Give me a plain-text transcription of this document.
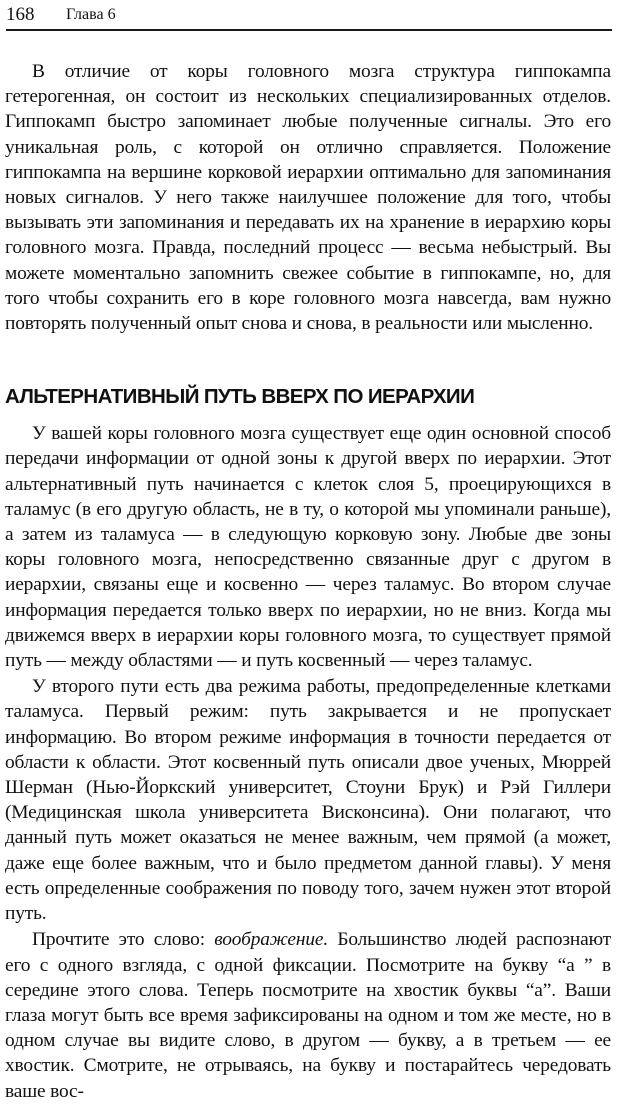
168 Глава 6

В отличие от коры головного мозга структура гиппокампа гетерогенная, он состоит из нескольких специализированных отделов. Гиппокамп быстро запоминает любые полученные сигналы. Это его уникальная роль, с которой он отлично справляется. Положение гиппокампа на вершине корковой иерархии оптимально для запоминания новых сигналов. У него также наилучшее положение для того, чтобы вызывать эти запоминания и передавать их на хранение в иерархию коры головного мозга. Правда, последний процесс — весьма небыстрый. Вы можете моментально запомнить свежее событие в гиппокампе, но, для того чтобы сохранить его в коре головного мозга навсегда, вам нужно повторять полученный опыт снова и снова, в реальности или мысленно.

АЛЬТЕРНАТИВНЫЙ ПУТЬ ВВЕРХ ПО ИЕРАРХИИ

У вашей коры головного мозга существует еще один основной способ передачи информации от одной зоны к другой вверх по иерархии. Этот альтернативный путь начинается с клеток слоя 5, проецирующихся в таламус (в его другую область, не в ту, о которой мы упоминали раньше), а затем из таламуса — в следующую корковую зону. Любые две зоны коры головного мозга, непосредственно связанные друг с другом в иерархии, связаны еще и косвенно — через таламус. Во втором случае информация передается только вверх по иерархии, но не вниз. Когда мы движемся вверх в иерархии коры головного мозга, то существует прямой путь — между областями — и путь косвенный — через таламус.

У второго пути есть два режима работы, предопределенные клетками таламуса. Первый режим: путь закрывается и не пропускает информацию. Во втором режиме информация в точности передается от области к области. Этот косвенный путь описали двое ученых, Мюррей Шерман (Нью-Йоркский университет, Стоуни Брук) и Рэй Гиллери (Медицинская школа университета Висконсина). Они полагают, что данный путь может оказаться не менее важным, чем прямой (а может, даже еще более важным, что и было предметом данной главы). У меня есть определенные соображения по поводу того, зачем нужен этот второй путь.

Прочтите это слово: воображение. Большинство людей распознают его с одного взгляда, с одной фиксации. Посмотрите на букву “а ” в середине этого слова. Теперь посмотрите на хвостик буквы “а”. Ваши глаза могут быть все время зафиксированы на одном и том же месте, но в одном случае вы видите слово, в другом — букву, а в третьем — ее хвостик. Смотрите, не отрываясь, на букву и постарайтесь чередовать ваше вос-
